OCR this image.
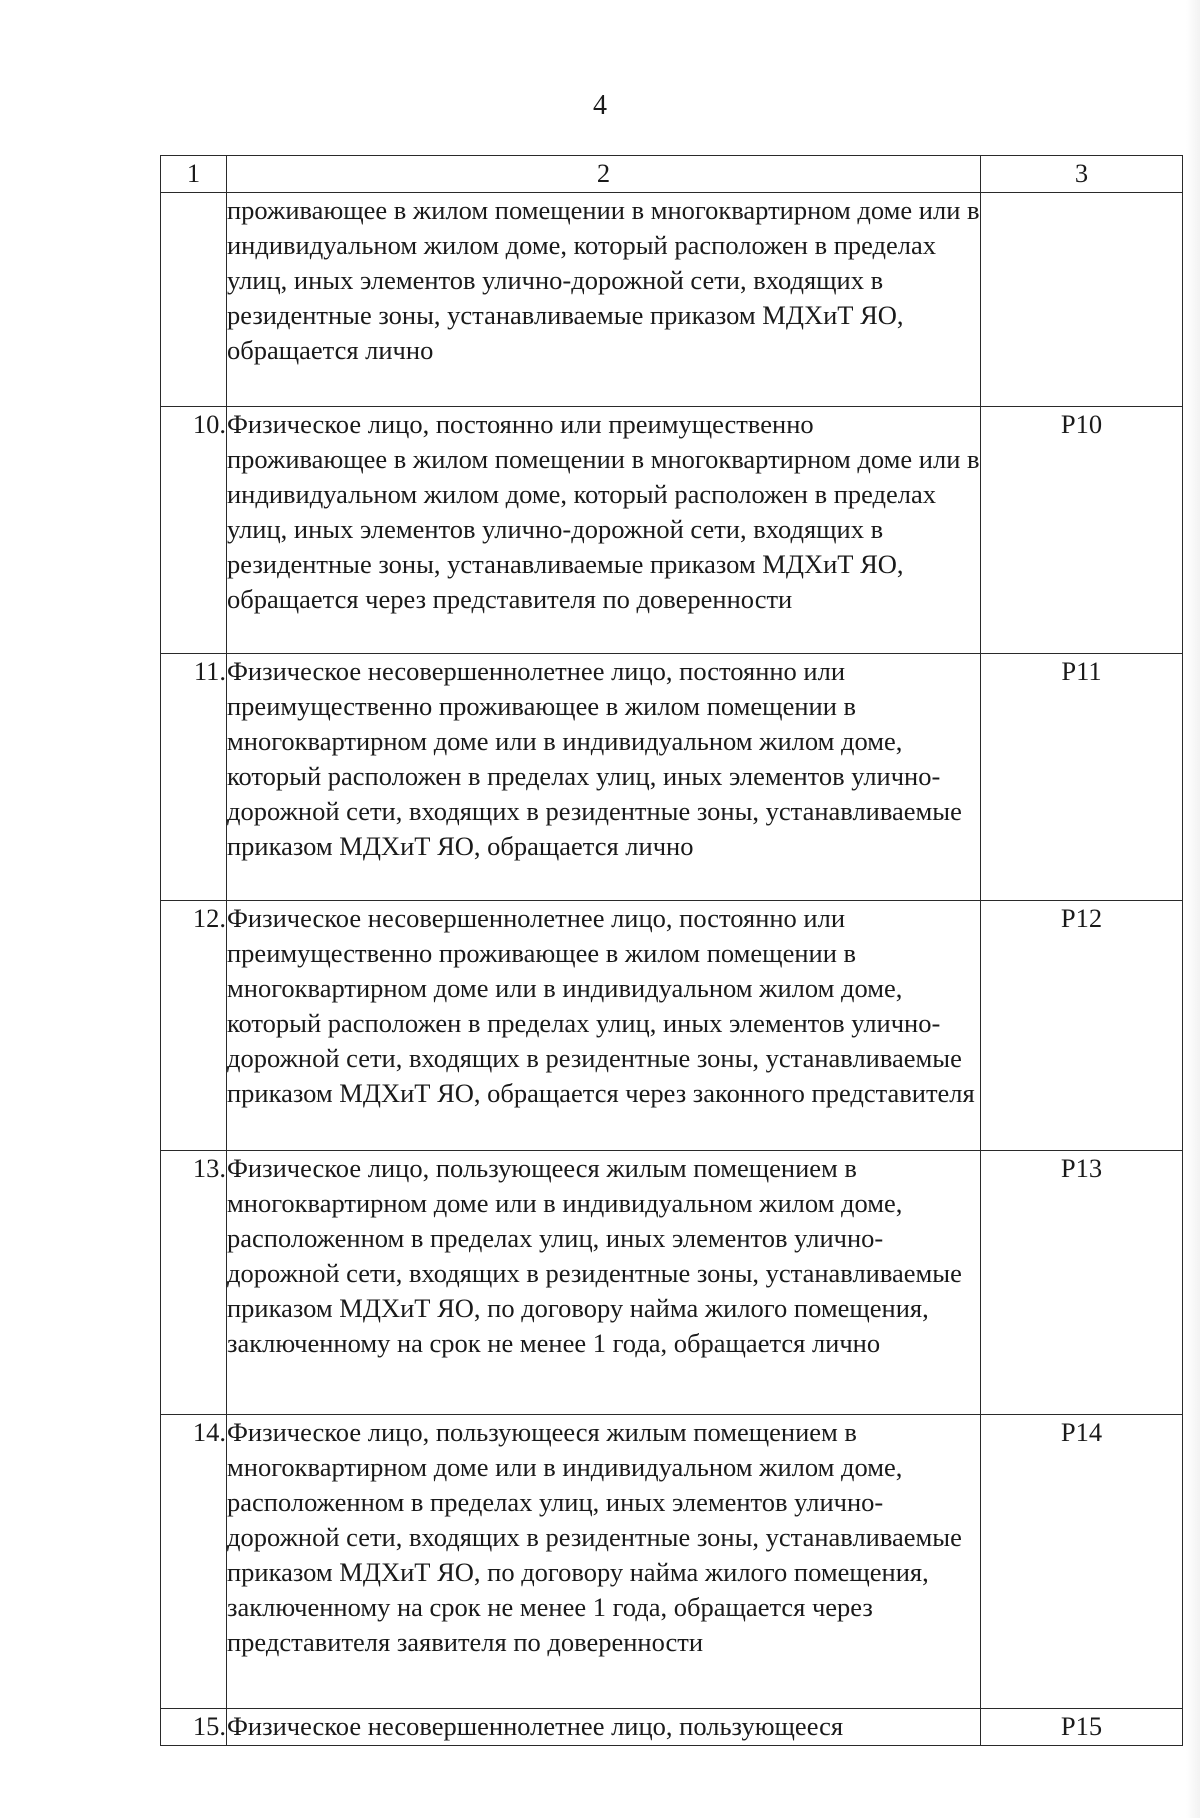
4
1	2	3
	проживающее в жилом помещении в многоквартирном доме или в индивидуальном жилом доме, который расположен в пределах улиц, иных элементов улично-дорожной сети, входящих в резидентные зоны, устанавливаемые приказом МДХиТ ЯО, обращается лично	
10.	Физическое лицо, постоянно или преимущественно проживающее в жилом помещении в многоквартирном доме или в индивидуальном жилом доме, который расположен в пределах улиц, иных элементов улично-дорожной сети, входящих в резидентные зоны, устанавливаемые приказом МДХиТ ЯО, обращается через представителя по доверенности	Р10
11.	Физическое несовершеннолетнее лицо, постоянно или преимущественно проживающее в жилом помещении в многоквартирном доме или в индивидуальном жилом доме, который расположен в пределах улиц, иных элементов улично-дорожной сети, входящих в резидентные зоны, устанавливаемые приказом МДХиТ ЯО, обращается лично	Р11
12.	Физическое несовершеннолетнее лицо, постоянно или преимущественно проживающее в жилом помещении в многоквартирном доме или в индивидуальном жилом доме, который расположен в пределах улиц, иных элементов улично-дорожной сети, входящих в резидентные зоны, устанавливаемые приказом МДХиТ ЯО, обращается через законного представителя	Р12
13.	Физическое лицо, пользующееся жилым помещением в многоквартирном доме или в индивидуальном жилом доме, расположенном в пределах улиц, иных элементов улично-дорожной сети, входящих в резидентные зоны, устанавливаемые приказом МДХиТ ЯО, по договору найма жилого помещения, заключенному на срок не менее 1 года, обращается лично	Р13
14.	Физическое лицо, пользующееся жилым помещением в многоквартирном доме или в индивидуальном жилом доме, расположенном в пределах улиц, иных элементов улично-дорожной сети, входящих в резидентные зоны, устанавливаемые приказом МДХиТ ЯО, по договору найма жилого помещения, заключенному на срок не менее 1 года, обращается через представителя заявителя по доверенности	Р14
15.	Физическое несовершеннолетнее лицо, пользующееся	Р15
